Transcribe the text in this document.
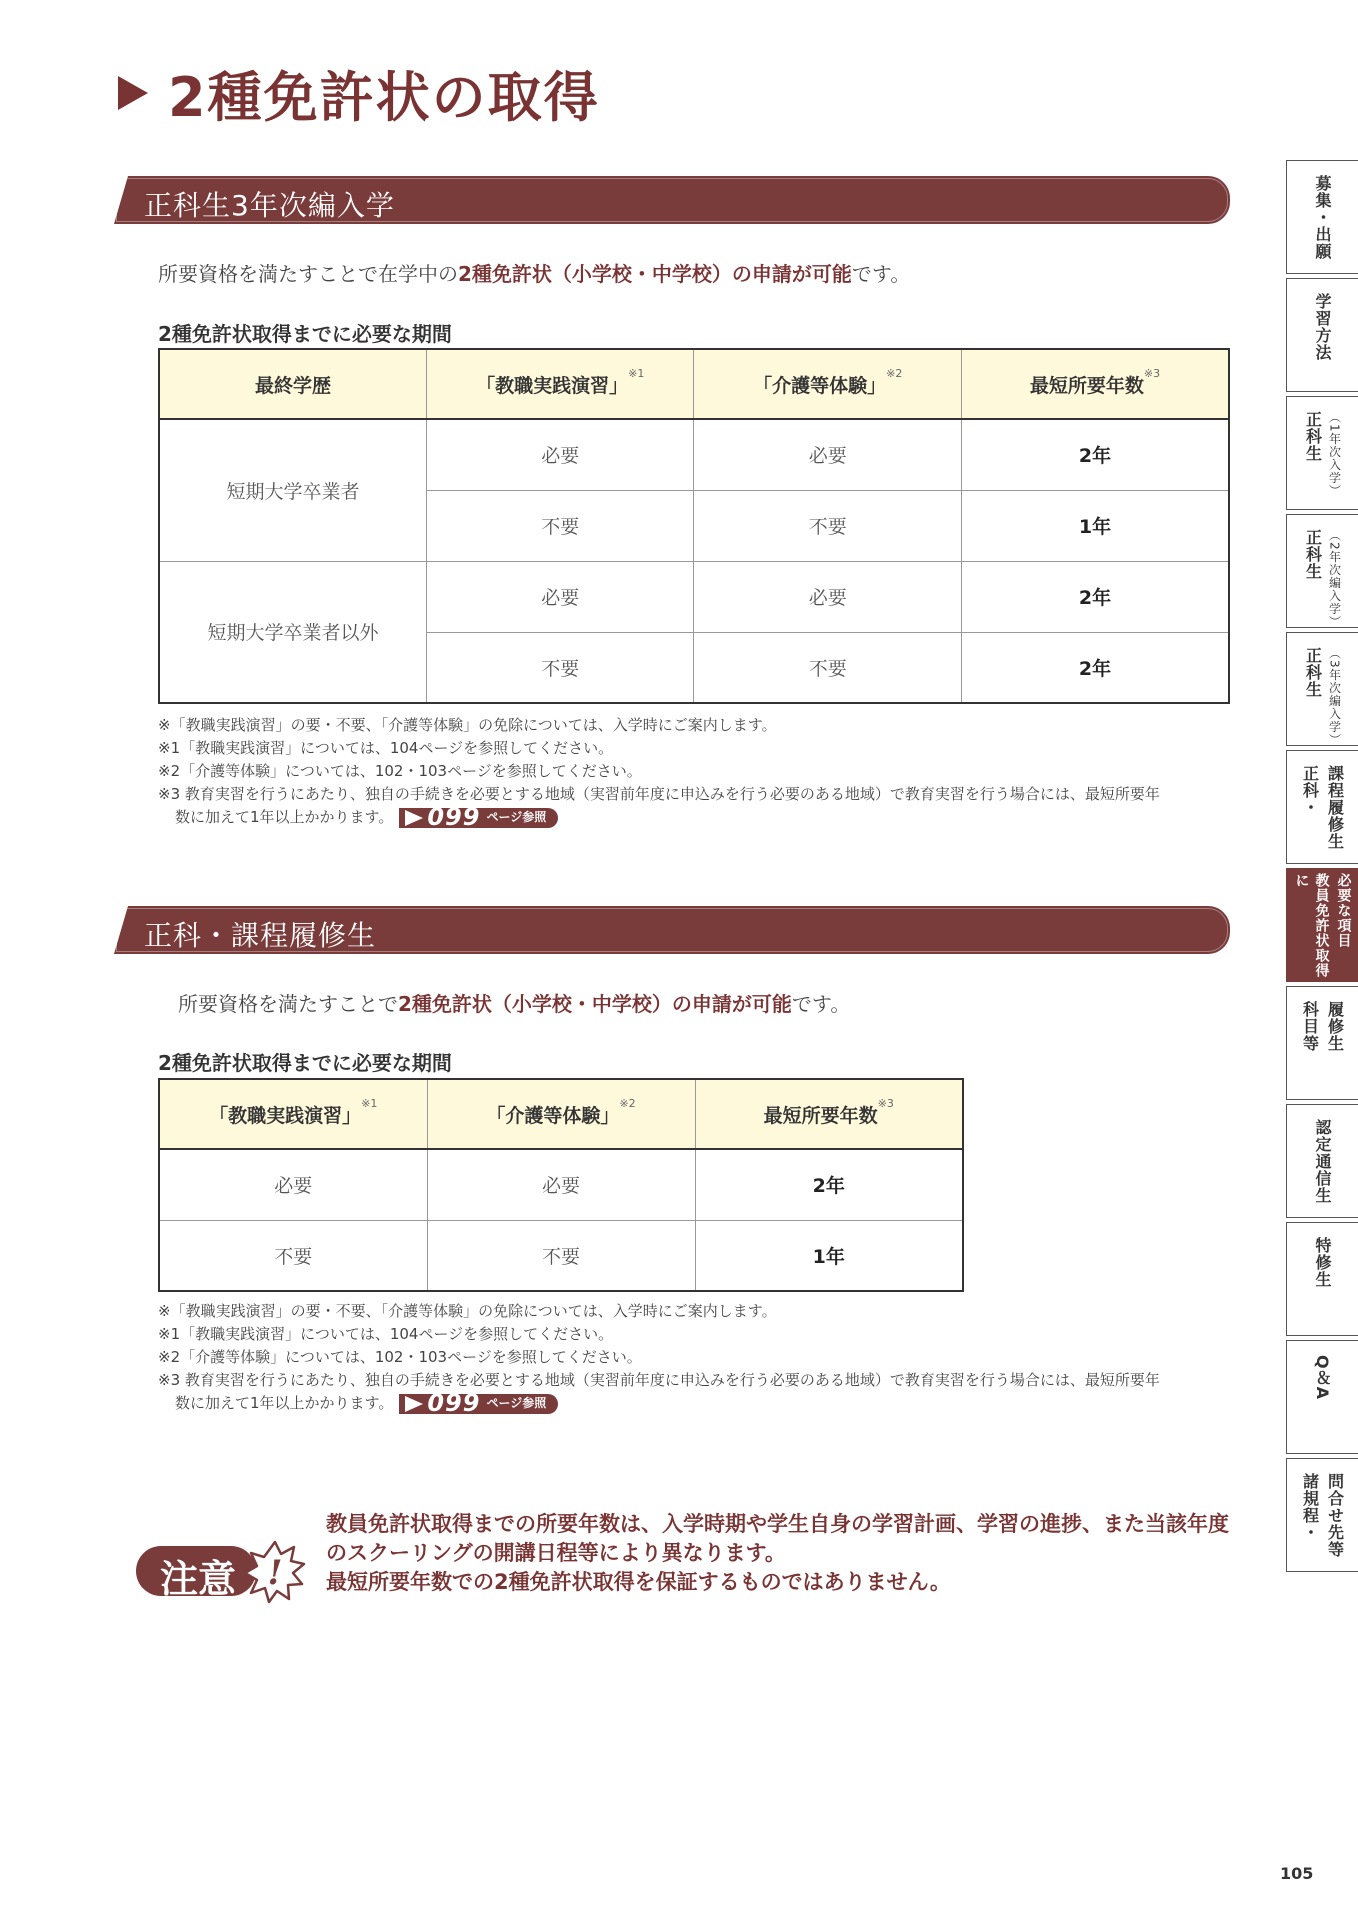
2種免許状の取得
正科生3年次編入学
所要資格を満たすことで在学中の2種免許状（小学校・中学校）の申請が可能です。
2種免許状取得までに必要な期間
最終学歴	「教職実践演習」$^{※1}$	「介護等体験」$^{※2}$	最短所要年数$^{※3}$
短期大学卒業者	必要	必要	2年
	不要	不要	1年
短期大学卒業者以外	必要	必要	2年
	不要	不要	2年
※「教職実践演習」の要・不要、「介護等体験」の免除については、入学時にご案内します。
※1「教職実践演習」については、104ページを参照してください。
※2「介護等体験」については、102・103ページを参照してください。
※3 教育実習を行うにあたり、独自の手続きを必要とする地域（実習前年度に申込みを行う必要のある地域）で教育実習を行う場合には、最短所要年
数に加えて1年以上かかります。 099 ページ参照
正科・課程履修生
所要資格を満たすことで2種免許状（小学校・中学校）の申請が可能です。
2種免許状取得までに必要な期間
「教職実践演習」$^{※1}$	「介護等体験」$^{※2}$	最短所要年数$^{※3}$
必要	必要	2年
不要	不要	1年
※「教職実践演習」の要・不要、「介護等体験」の免除については、入学時にご案内します。
※1「教職実践演習」については、104ページを参照してください。
※2「介護等体験」については、102・103ページを参照してください。
※3 教育実習を行うにあたり、独自の手続きを必要とする地域（実習前年度に申込みを行う必要のある地域）で教育実習を行う場合には、最短所要年
数に加えて1年以上かかります。 099 ページ参照
注意 !
教員免許状取得までの所要年数は、入学時期や学生自身の学習計画、学習の進捗、また当該年度
のスクーリングの開講日程等により異なります。
最短所要年数での2種免許状取得を保証するものではありません。
募集・出願
学習方法
正科生 （1年次入学）
正科生 （2年次編入学）
正科生 （3年次編入学）
正科・ 課程履修生
教員免許状取得に	必要な項目
科目等 履修生
認定通信生
特修生
Q＆A
諸規程・ 問合せ先等
105
